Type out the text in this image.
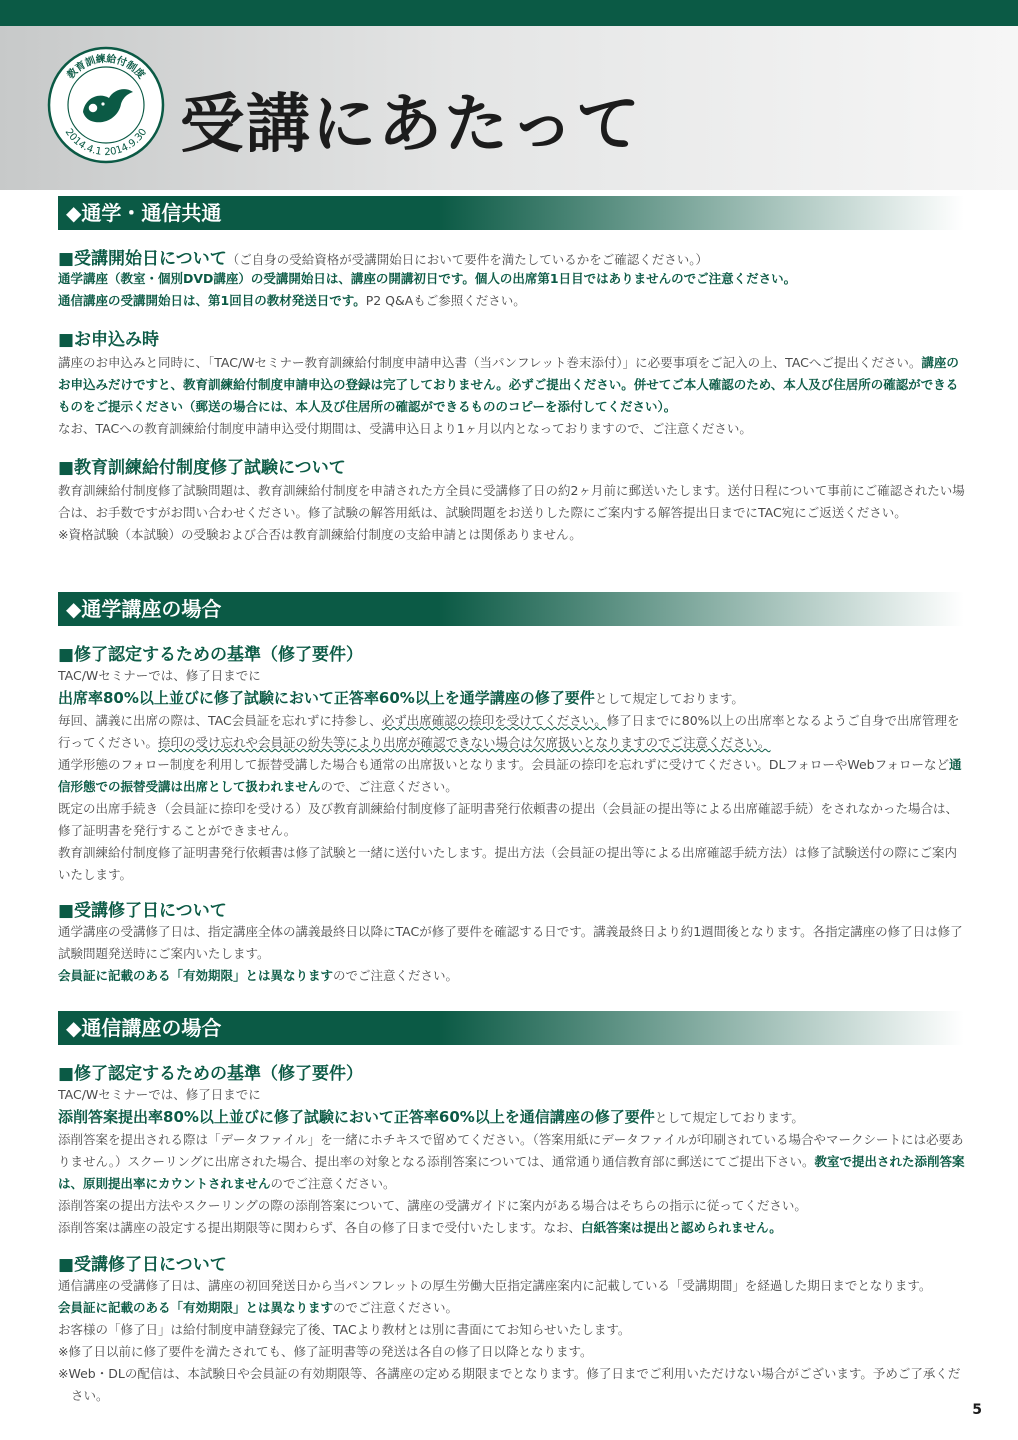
教育訓練給付制度
2014.4.1 2014.9.30 受講にあたって
◆通学・通信共通
■受講開始日について（ご自身の受給資格が受講開始日において要件を満たしているかをご確認ください。）

通学講座（教室・個別DVD講座）の受講開始日は、講座の開講初日です。個人の出席第1日目ではありませんのでご注意ください。

通信講座の受講開始日は、第1回目の教材発送日です。P2 Q&Aもご参照ください。

■お申込み時

講座のお申込みと同時に、「TAC/Wセミナー教育訓練給付制度申請申込書（当パンフレット巻末添付）」に必要事項をご記入の上、TACへご提出ください。講座のお申込みだけですと、教育訓練給付制度申請申込の登録は完了しておりません。必ずご提出ください。併せてご本人確認のため、本人及び住居所の確認ができるものをご提示ください（郵送の場合には、本人及び住居所の確認ができるもののコピーを添付してください）。

なお、TACへの教育訓練給付制度申請申込受付期間は、受講申込日より1ヶ月以内となっておりますので、ご注意ください。

■教育訓練給付制度修了試験について

教育訓練給付制度修了試験問題は、教育訓練給付制度を申請された方全員に受講修了日の約2ヶ月前に郵送いたします。送付日程について事前にご確認されたい場合は、お手数ですがお問い合わせください。修了試験の解答用紙は、試験問題をお送りした際にご案内する解答提出日までにTAC宛にご返送ください。

※資格試験（本試験）の受験および合否は教育訓練給付制度の支給申請とは関係ありません。

◆通学講座の場合
■修了認定するための基準（修了要件）

TAC/Wセミナーでは、修了日までに

出席率80%以上並びに修了試験において正答率60%以上を通学講座の修了要件として規定しております。

毎回、講義に出席の際は、TAC会員証を忘れずに持参し、必ず出席確認の捺印を受けてください。修了日までに80%以上の出席率となるようご自身で出席管理を行ってください。捺印の受け忘れや会員証の紛失等により出席が確認できない場合は欠席扱いとなりますのでご注意ください。

通学形態のフォロー制度を利用して振替受講した場合も通常の出席扱いとなります。会員証の捺印を忘れずに受けてください。DLフォローやWebフォローなど通信形態での振替受講は出席として扱われませんので、ご注意ください。

既定の出席手続き（会員証に捺印を受ける）及び教育訓練給付制度修了証明書発行依頼書の提出（会員証の提出等による出席確認手続）をされなかった場合は、修了証明書を発行することができません。

教育訓練給付制度修了証明書発行依頼書は修了試験と一緒に送付いたします。提出方法（会員証の提出等による出席確認手続方法）は修了試験送付の際にご案内いたします。

■受講修了日について

通学講座の受講修了日は、指定講座全体の講義最終日以降にTACが修了要件を確認する日です。講義最終日より約1週間後となります。各指定講座の修了日は修了試験問題発送時にご案内いたします。

会員証に記載のある「有効期限」とは異なりますのでご注意ください。

◆通信講座の場合
■修了認定するための基準（修了要件）

TAC/Wセミナーでは、修了日までに

添削答案提出率80%以上並びに修了試験において正答率60%以上を通信講座の修了要件として規定しております。

添削答案を提出される際は「データファイル」を一緒にホチキスで留めてください。（答案用紙にデータファイルが印刷されている場合やマークシートには必要ありません。）スクーリングに出席された場合、提出率の対象となる添削答案については、通常通り通信教育部に郵送にてご提出下さい。教室で提出された添削答案は、原則提出率にカウントされませんのでご注意ください。

添削答案の提出方法やスクーリングの際の添削答案について、講座の受講ガイドに案内がある場合はそちらの指示に従ってください。

添削答案は講座の設定する提出期限等に関わらず、各自の修了日まで受付いたします。なお、白紙答案は提出と認められません。

■受講修了日について

通信講座の受講修了日は、講座の初回発送日から当パンフレットの厚生労働大臣指定講座案内に記載している「受講期間」を経過した期日までとなります。

会員証に記載のある「有効期限」とは異なりますのでご注意ください。

お客様の「修了日」は給付制度申請登録完了後、TACより教材とは別に書面にてお知らせいたします。

※修了日以前に修了要件を満たされても、修了証明書等の発送は各自の修了日以降となります。

※Web・DLの配信は、本試験日や会員証の有効期限等、各講座の定める期限までとなります。修了日までご利用いただけない場合がございます。予めご了承ください。

5
